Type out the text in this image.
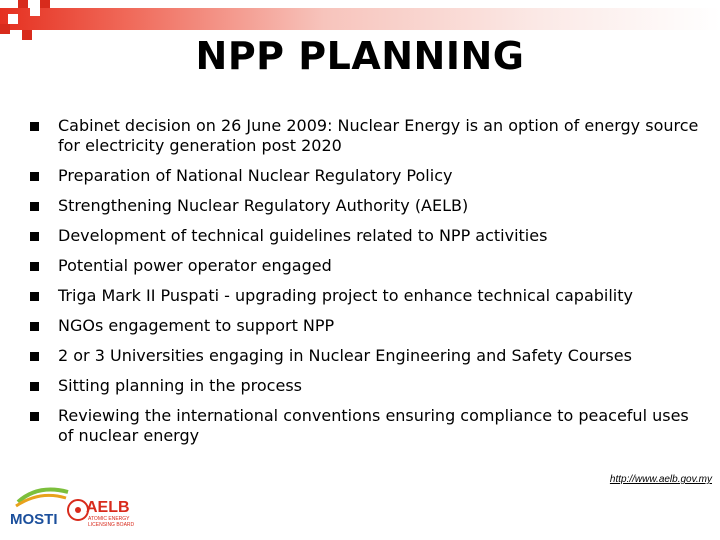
NPP PLANNING
Cabinet decision on 26 June 2009: Nuclear Energy is an option of energy source for electricity generation post 2020
Preparation of National Nuclear Regulatory Policy
Strengthening Nuclear Regulatory Authority (AELB)
Development of technical guidelines related to NPP activities
Potential power operator engaged
Triga Mark II Puspati - upgrading project to enhance technical capability
NGOs engagement to support NPP
2 or 3 Universities engaging in Nuclear Engineering and Safety Courses
Sitting planning in the process
Reviewing the international conventions ensuring compliance to peaceful uses of nuclear energy
MOSTI
AELB
ATOMIC ENERGY
LICENSING BOARD
http://www.aelb.gov.my
